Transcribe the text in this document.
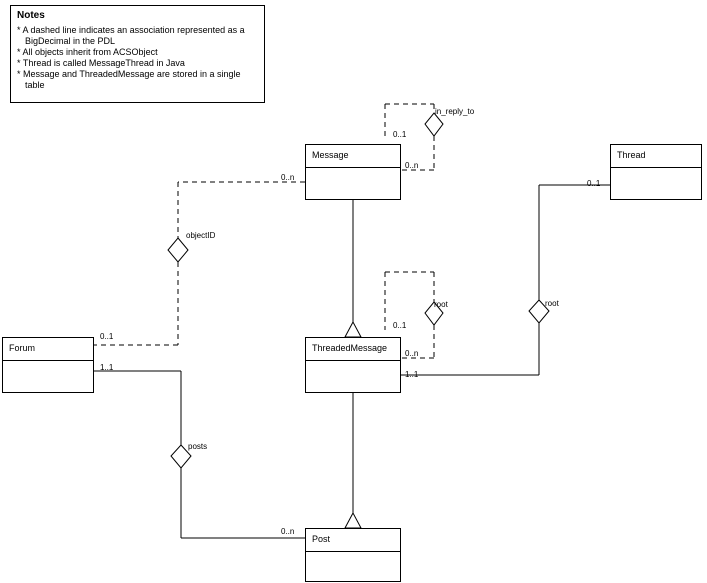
Notes
* A dashed line indicates an association represented as a BigDecimal in the PDL
* All objects inherit from ACSObject
* Thread is called MessageThread in Java
* Message and ThreadedMessage are stored in a single table
Message	Thread
Forum	ThreadedMessage
Post
in_reply_to
objectID
root	root
posts
0..1
0..n
0..n
0..1
0..1
0..n
0..1
1..1
1..1
0..n
